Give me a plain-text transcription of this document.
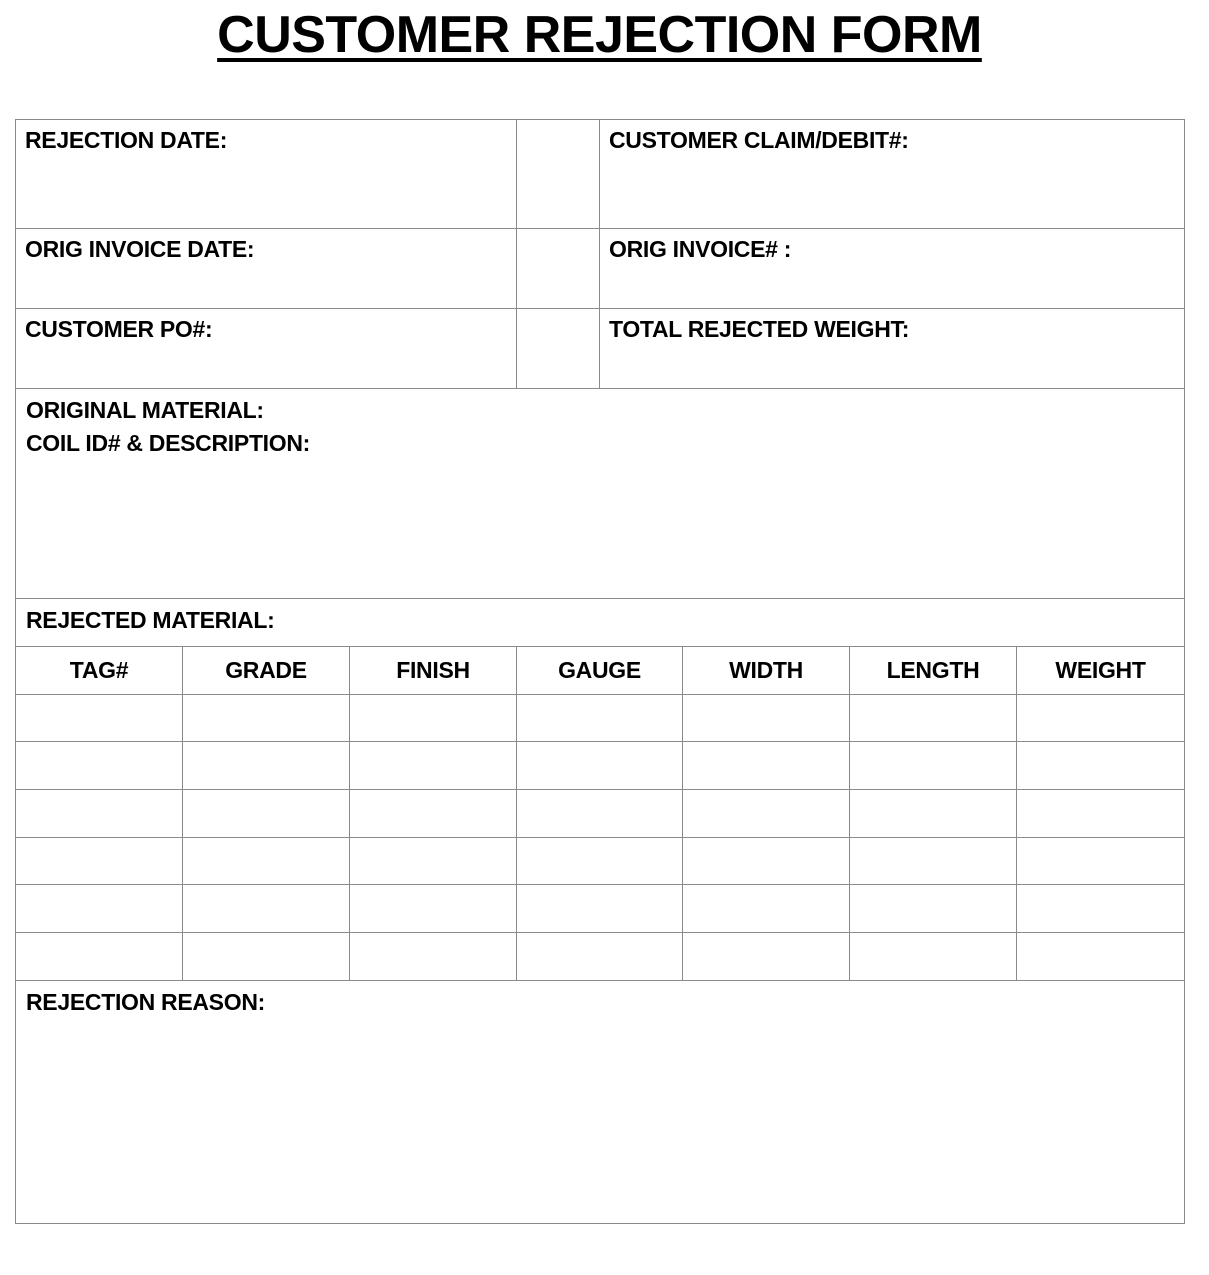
CUSTOMER REJECTION FORM

ORIGINAL MATERIAL:
COIL ID# & DESCRIPTION:						

REJECTED MATERIAL:						

TAG#	GRADE	FINISH	GAUGE	WIDTH	LENGTH	WEIGHT

REJECTION REASON:						
REJECTION DATE:	CUSTOMER CLAIM/DEBIT#:
ORIG INVOICE DATE:	ORIG INVOICE# :
CUSTOMER PO#:	TOTAL REJECTED WEIGHT:
